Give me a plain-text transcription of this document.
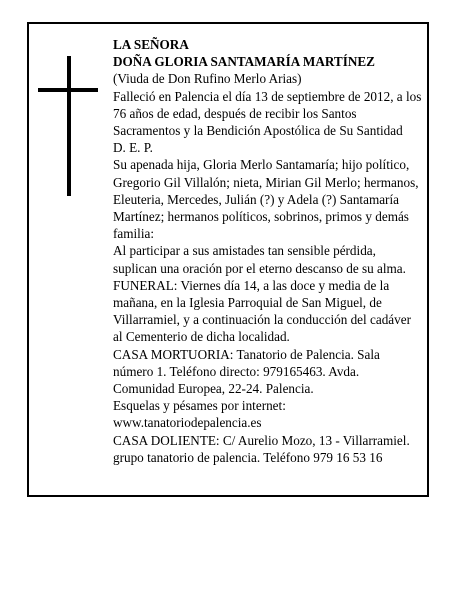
LA SEÑORA

DOÑA GLORIA SANTAMARÍA MARTÍNEZ

(Viuda de Don Rufino Merlo Arias)

Falleció en Palencia el día 13 de septiembre de 2012, a los 76 años de edad, después de recibir los Santos Sacramentos y la Bendición Apostólica de Su Santidad

D. E. P.

Su apenada hija, Gloria Merlo Santamaría; hijo político, Gregorio Gil Villalón; nieta, Mirian Gil Merlo; hermanos, Eleuteria, Mercedes, Julián (?) y Adela (?) Santamaría Martínez; hermanos políticos, sobrinos, primos y demás familia:

Al participar a sus amistades tan sensible pérdida, suplican una oración por el eterno descanso de su alma.

FUNERAL: Viernes día 14, a las doce y media de la mañana, en la Iglesia Parroquial de San Miguel, de Villarramiel, y a continuación la conducción del cadáver al Cementerio de dicha localidad.

CASA MORTUORIA: Tanatorio de Palencia. Sala número 1. Teléfono directo: 979165463. Avda. Comunidad Europea, 22-24. Palencia.

Esquelas y pésames por internet: www.tanatoriodepalencia.es

CASA DOLIENTE: C/ Aurelio Mozo, 13 - Villarramiel.

grupo tanatorio de palencia. Teléfono 979 16 53 16
